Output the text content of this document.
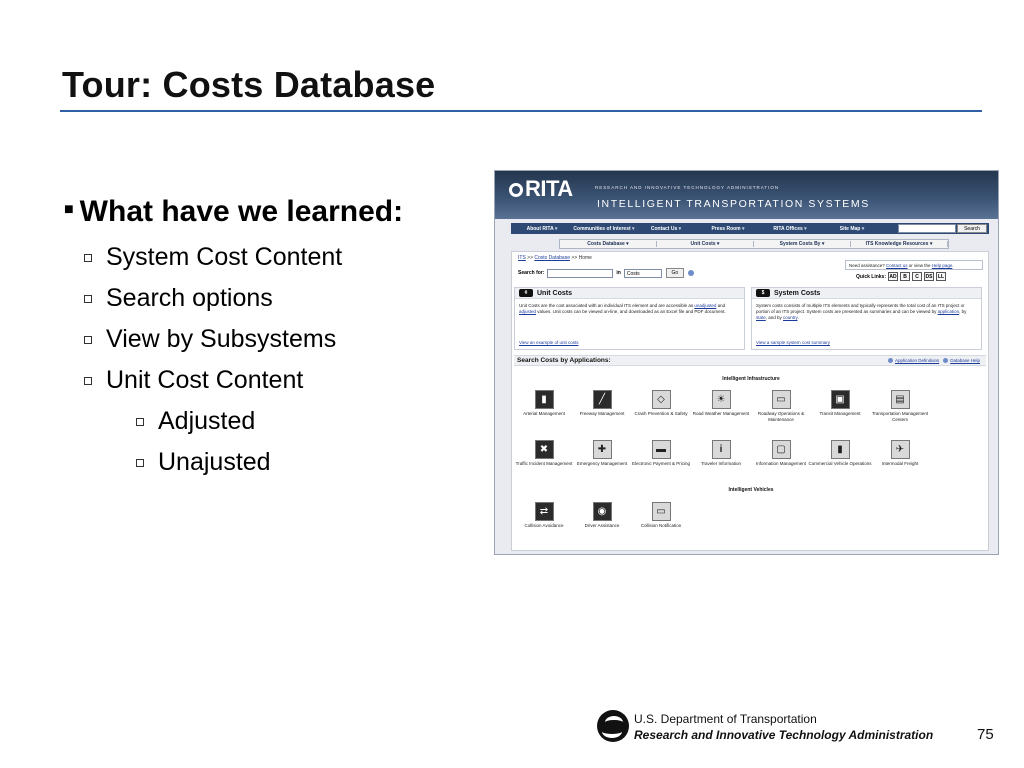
Tour: Costs Database
■ What have we learned:
System Cost Content
Search options
View by Subsystems
Unit Cost Content
Adjusted
Unajusted
RITA	RESEARCH AND INNOVATIVE TECHNOLOGY ADMINISTRATION
INTELLIGENT TRANSPORTATION SYSTEMS
About RITA ▾	Communities of Interest ▾	Contact Us ▾	Press Room ▾	RITA Offices ▾	Site Map ▾	Search
Costs Database ▾	Unit Costs ▾	System Costs By ▾	ITS Knowledge Resources ▾
ITS >> Costs Database >> Home
Need assistance? Contact us or view the Help page.
Search for:	in	Costs	Go
Quick Links: AD	B	C	DS	LL
¢	Unit Costs
Unit Costs are the cost associated with an individual ITS element and are accessible as unadjusted and adjusted values. Unit costs can be viewed on-line, and downloaded as an Excel file and PDF document.
View an example of unit costs
$	System Costs
System costs consists of multiple ITS elements and typically represents the total cost of an ITS project or portion of an ITS project. System costs are presented as summaries and can be viewed by application, by state, and by country.
View a sample system cost summary
Search Costs by Applications:	Application Definitions Database Help
Intelligent Infrastructure
▮
Arterial Management
╱
Freeway Management
◇
Crash Prevention & Safety
☀
Road Weather Management
▭
Roadway Operations & Maintenance
▣
Transit Management
▤
Transportation Management Centers
✖
Traffic Incident Management
✚
Emergency Management
▬
Electronic Payment & Pricing
i
Traveler Information
▢
Information Management
▮
Commercial Vehicle Operations
✈
Intermodal Freight
Intelligent Vehicles
⇄
Collision Avoidance
◉
Driver Assistance
▭
Collision Notification
U.S. Department of Transportation
Research and Innovative Technology Administration	75
